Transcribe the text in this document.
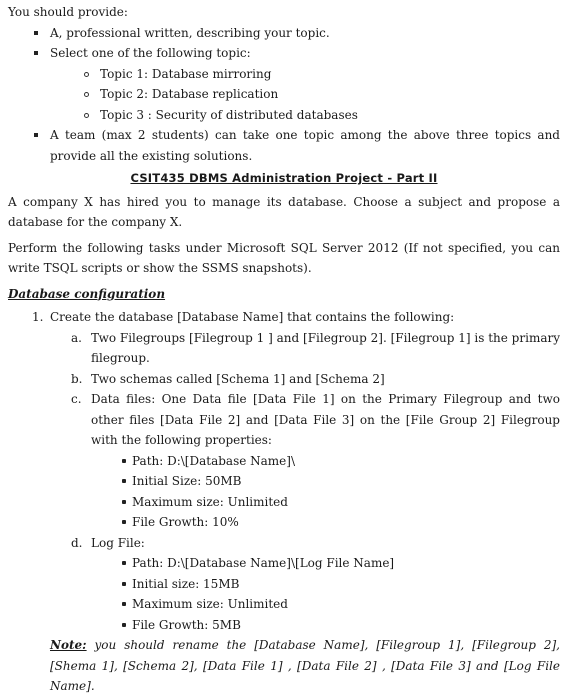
You should provide:
A, professional written, describing your topic.
Select one of the following topic:
Topic 1: Database mirroring
Topic 2: Database replication
Topic 3 : Security of distributed databases
A team (max 2 students) can take one topic among the above three topics and provide all the existing solutions.
CSIT435 DBMS Administration Project - Part II

A company X has hired you to manage its database. Choose a subject and propose a database for the company X.

Perform the following tasks under Microsoft SQL Server 2012 (If not specified, you can write TSQL scripts or show the SSMS snapshots).

Database configuration
1. Create the database [Database Name] that contains the following:
a. Two Filegroups [Filegroup 1 ] and [Filegroup 2]. [Filegroup 1] is the primary filegroup.
b. Two schemas called [Schema 1] and [Schema 2]
c. Data files: One Data file [Data File 1] on the Primary Filegroup and two other files [Data File 2] and [Data File 3] on the [File Group 2] Filegroup with the following properties:
Path: D:\[Database Name]\
Initial Size: 50MB
Maximum size: Unlimited
File Growth: 10%
d. Log File:
Path: D:\[Database Name]\[Log File Name]
Initial size: 15MB
Maximum size: Unlimited
File Growth: 5MB
Note: you should rename the [Database Name], [Filegroup 1], [Filegroup 2], [Shema 1], [Schema 2], [Data File 1] , [Data File 2] , [Data File 3] and [Log File Name].
